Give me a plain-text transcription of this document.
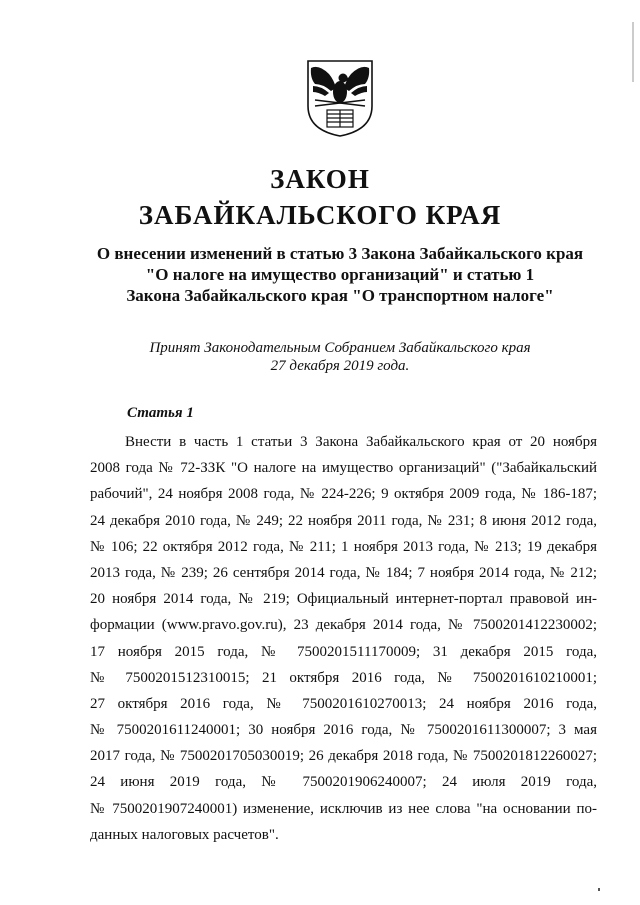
ЗАКОН
ЗАБАЙКАЛЬСКОГО КРАЯ
О внесении изменений в статью 3 Закона Забайкальского края
"О налоге на имущество организаций" и статью 1
Закона Забайкальского края "О транспортном налоге"
Принят Законодательным Собранием Забайкальского края
27 декабря 2019 года.
Статья 1
Внести в часть 1 статьи 3 Закона Забайкальского края от 20 ноября
2008 года № 72-ЗЗК "О налоге на имущество организаций" ("Забайкальский
рабочий", 24 ноября 2008 года, № 224-226; 9 октября 2009 года, № 186-187;
24 декабря 2010 года, № 249; 22 ноября 2011 года, № 231; 8 июня 2012 года,
№ 106; 22 октября 2012 года, № 211; 1 ноября 2013 года, № 213; 19 декабря
2013 года, № 239; 26 сентября 2014 года, № 184; 7 ноября 2014 года, № 212;
20 ноября 2014 года, № 219; Официальный интернет-портал правовой ин-
формации (www.pravo.gov.ru), 23 декабря 2014 года, № 7500201412230002;
17 ноября 2015 года, № 7500201511170009; 31 декабря 2015 года,
№ 7500201512310015; 21 октября 2016 года, № 7500201610210001;
27 октября 2016 года, № 7500201610270013; 24 ноября 2016 года,
№ 7500201611240001; 30 ноября 2016 года, № 7500201611300007; 3 мая
2017 года, № 7500201705030019; 26 декабря 2018 года, № 7500201812260027;
24 июня 2019 года, № 7500201906240007; 24 июля 2019 года,
№ 7500201907240001) изменение, исключив из нее слова "на основании по-
данных налоговых расчетов".
